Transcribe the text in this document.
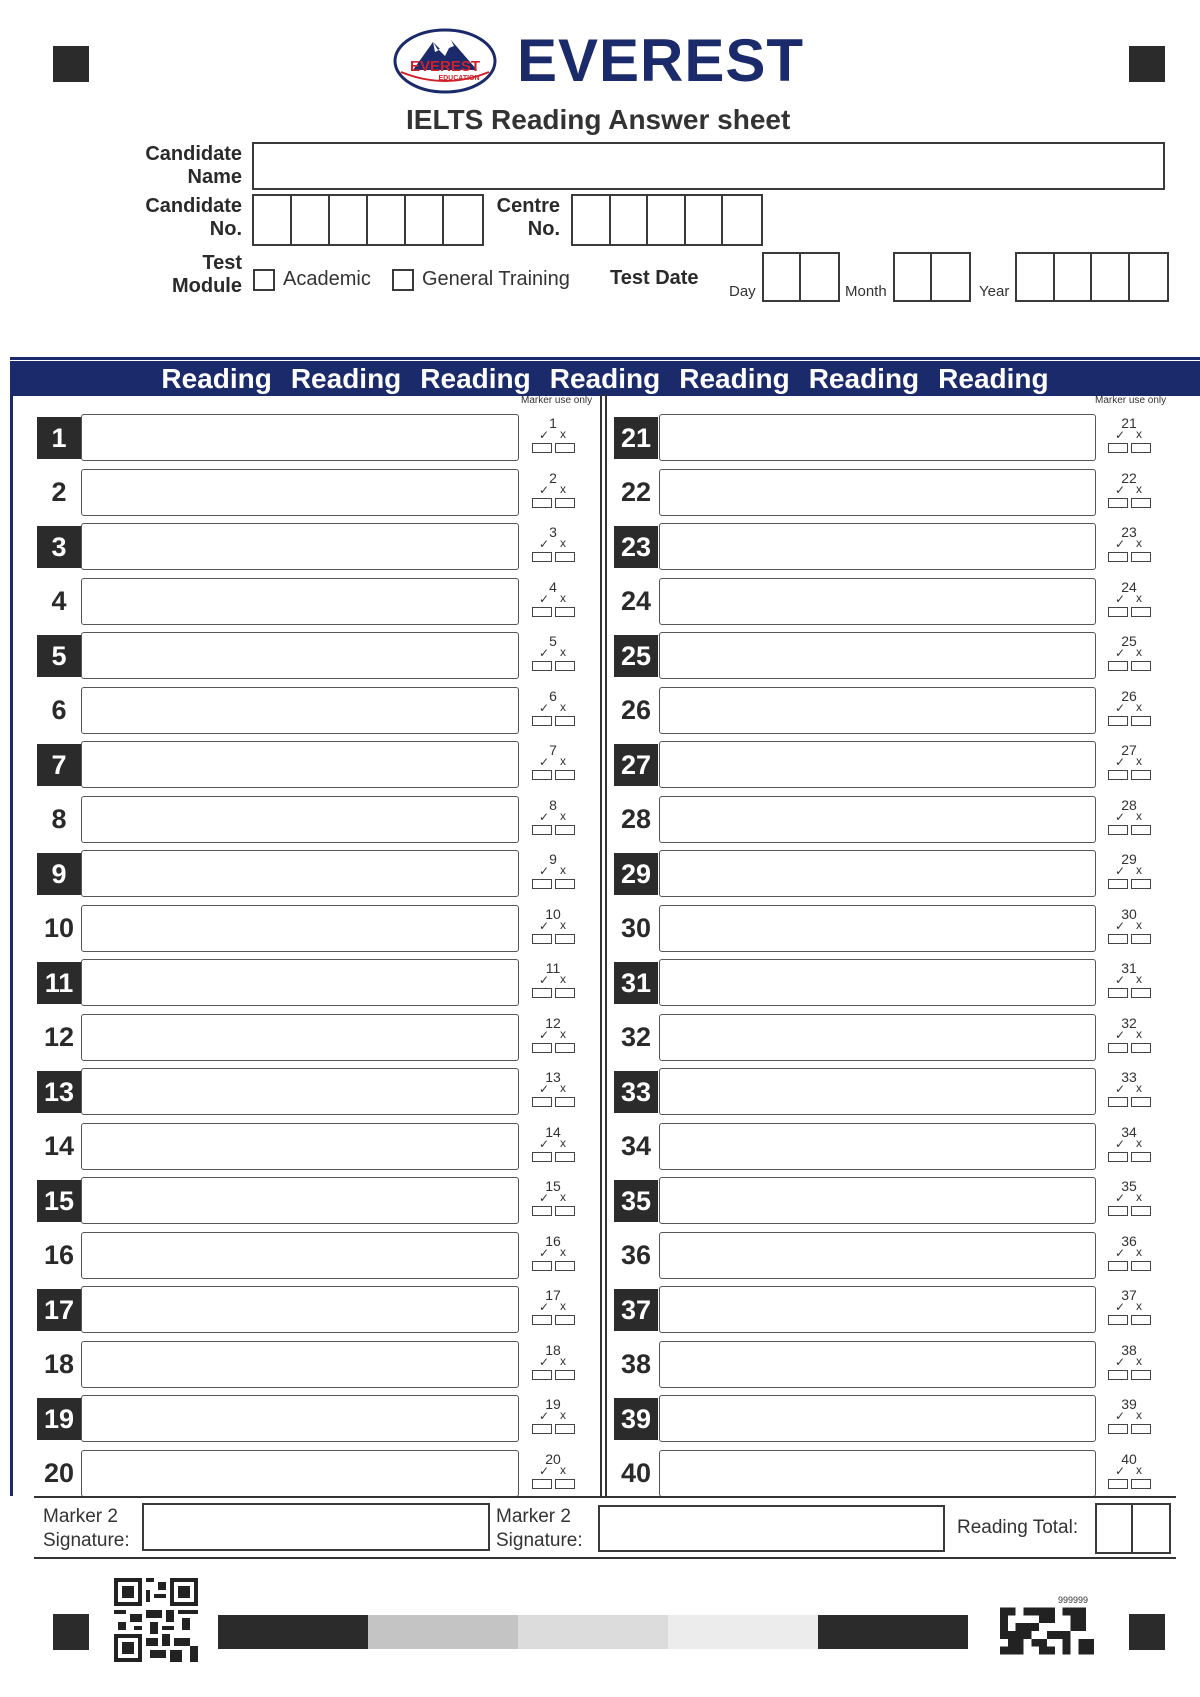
EVEREST
EDUCATION EVEREST
IELTS Reading Answer sheet
Candidate
Name
Candidate
No.
Centre
No.
Test
Module Academic	General Training Test Date
Day	Month	Year
Reading Reading Reading Reading Reading Reading Reading
Marker use only	Marker use only
1	1
✓ x
2	2
✓ x
3	3
✓ x
4	4
✓ x
5	5
✓ x
6	6
✓ x
7	7
✓ x
8	8
✓ x
9	9
✓ x
10	10
✓ x
11	11
✓ x
12	12
✓ x
13	13
✓ x
14	14
✓ x
15	15
✓ x
16	16
✓ x
17	17
✓ x
18	18
✓ x
19	19
✓ x
20	20
✓ x
21	21
✓ x
22	22
✓ x
23	23
✓ x
24	24
✓ x
25	25
✓ x
26	26
✓ x
27	27
✓ x
28	28
✓ x
29	29
✓ x
30	30
✓ x
31	31
✓ x
32	32
✓ x
33	33
✓ x
34	34
✓ x
35	35
✓ x
36	36
✓ x
37	37
✓ x
38	38
✓ x
39	39
✓ x
40	40
✓ x
Marker 2
Signature:
Marker 2
Signature:
Reading Total:
999999
